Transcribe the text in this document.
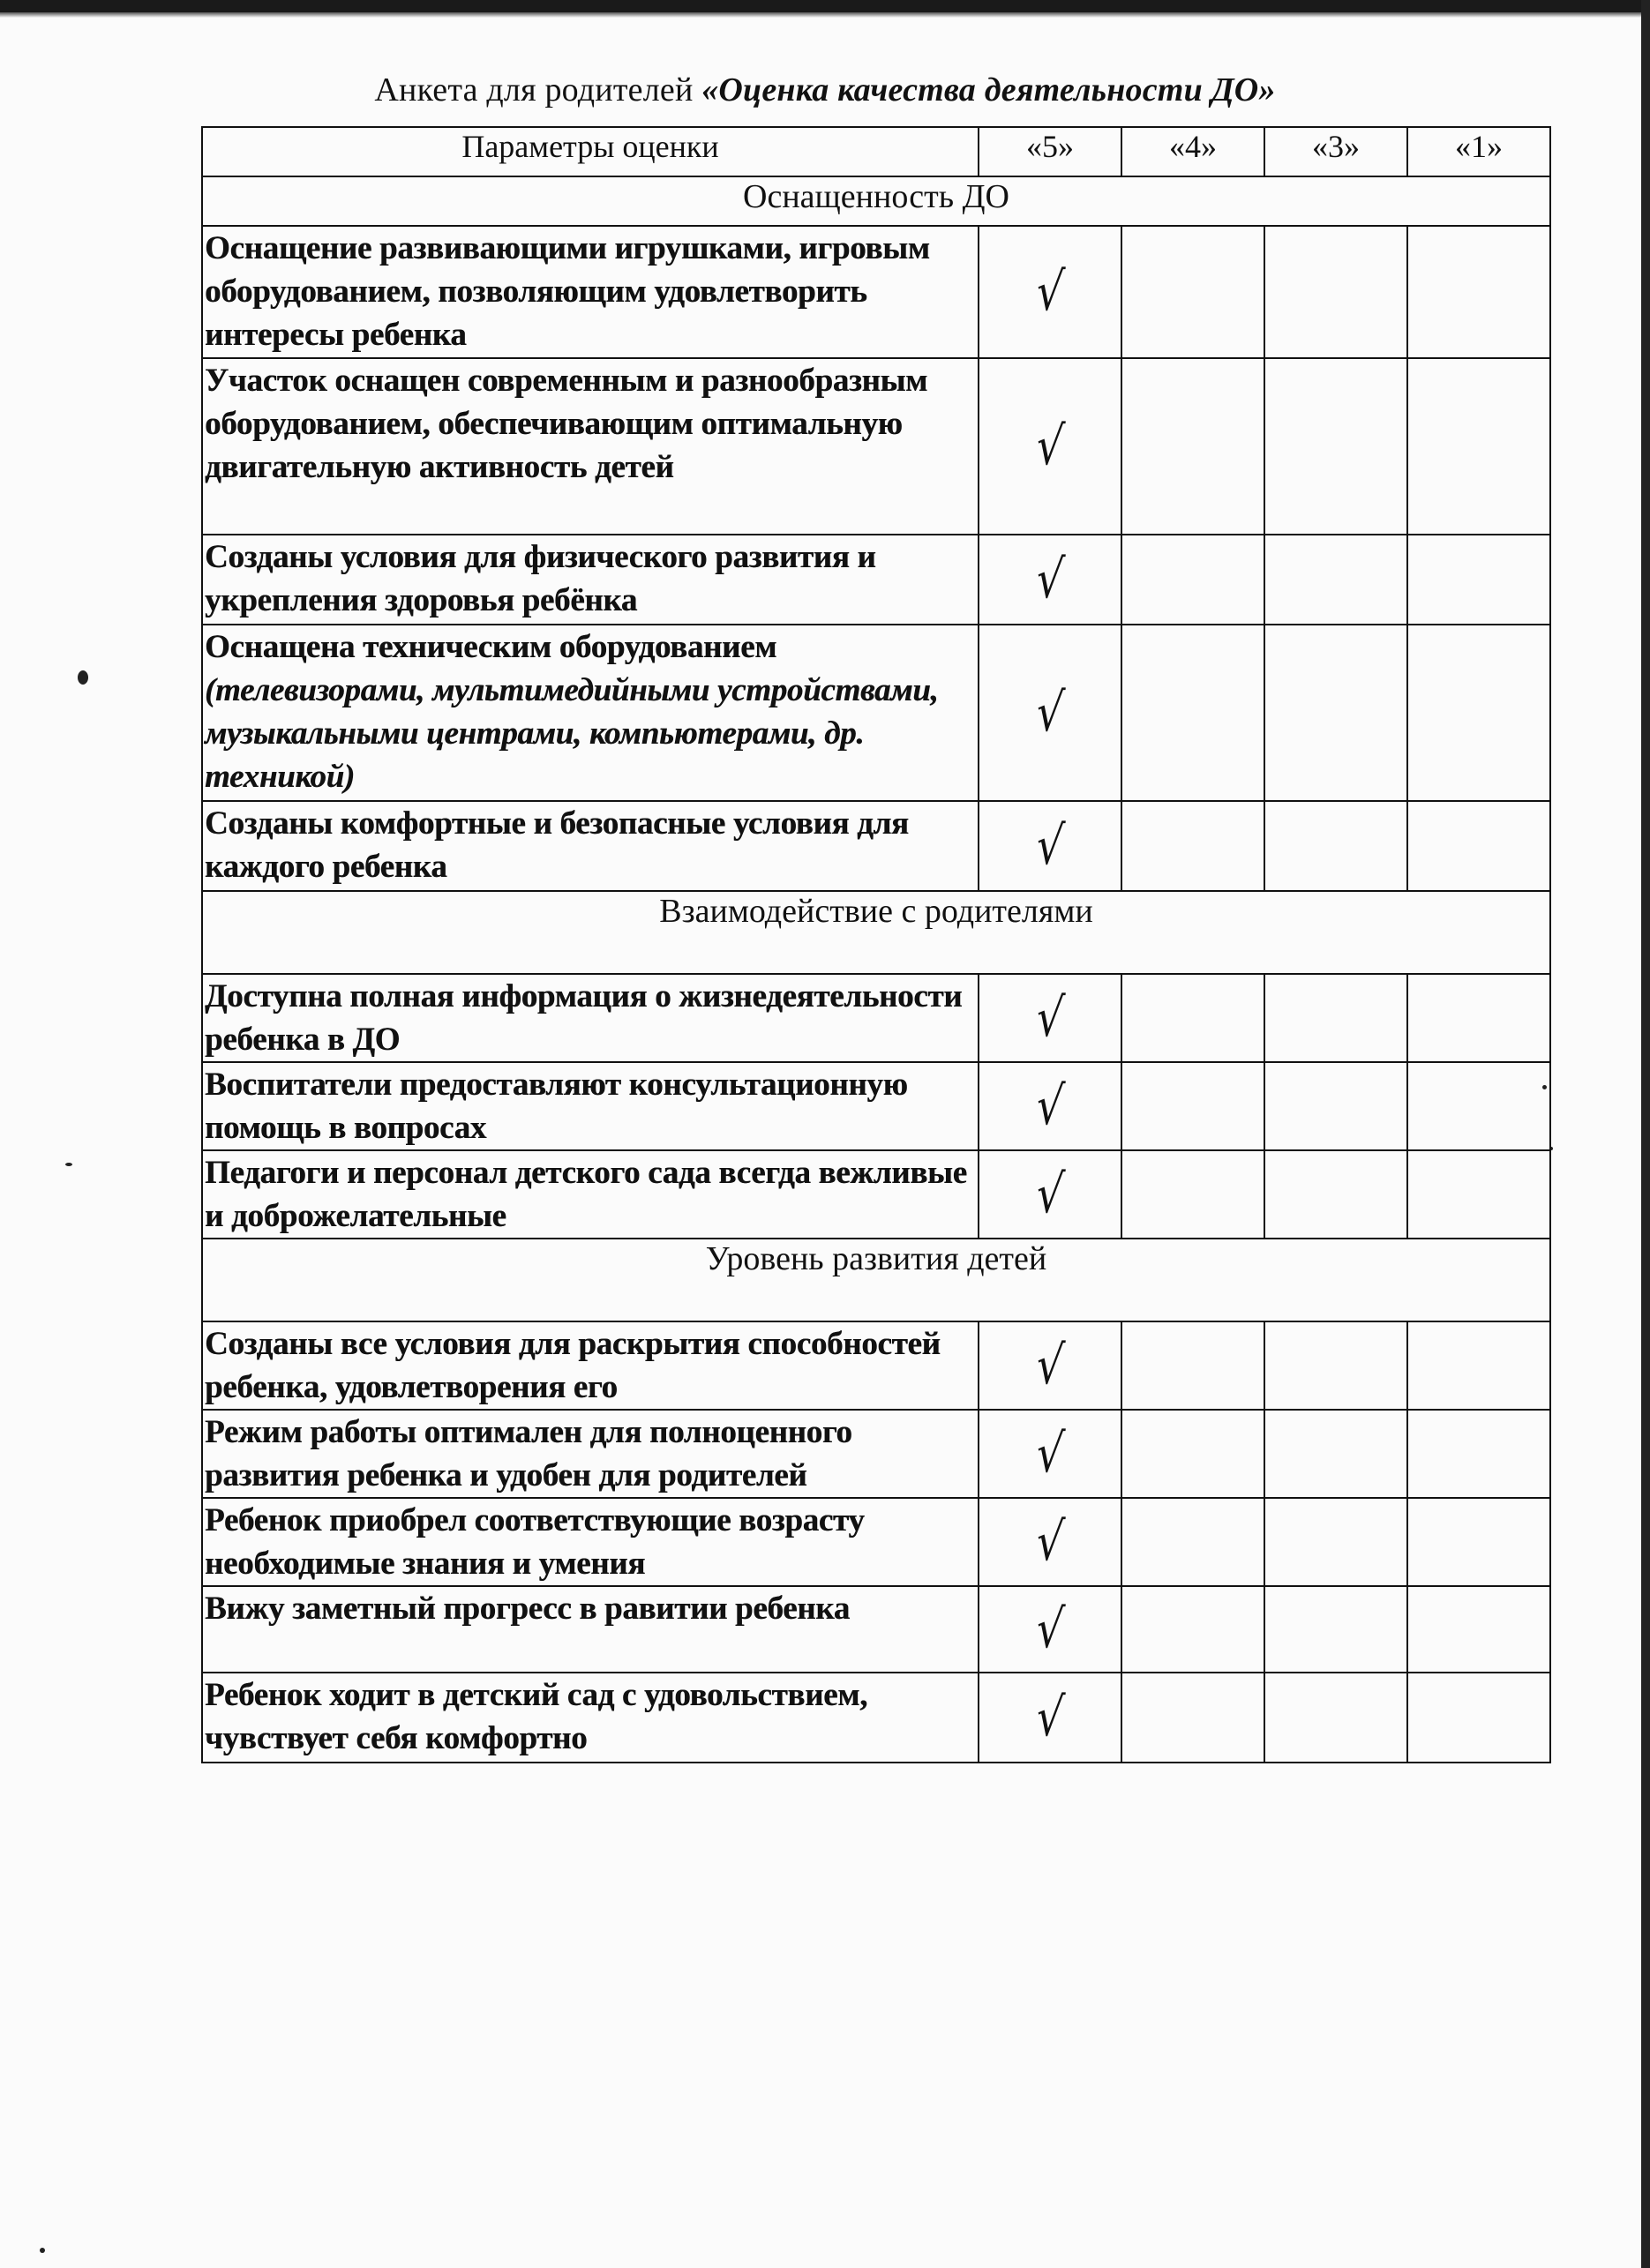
Анкета для родителей «Оценка качества деятельности ДО»
Параметры оценки	«5»	«4»	«3»	«1»
Оснащенность ДО				
Оснащение развивающими игрушками, игровым оборудованием, позволяющим удовлетворить интересы ребенка	√			
Участок оснащен современным и разнообразным оборудованием, обеспечивающим оптимальную двигательную активность детей	√			
Созданы условия для физического развития и укрепления здоровья ребёнка	√			
Оснащена техническим оборудованием (телевизорами, мультимедийными устройствами, музыкальными центрами, компьютерами, др. техникой)	√			
Созданы комфортные и безопасные условия для каждого ребенка	√			
Взаимодействие с родителями				
Доступна полная информация о жизнедеятельности ребенка в ДО	√			
Воспитатели предоставляют консультационную помощь в вопросах	√			
Педагоги и персонал детского сада всегда вежливые и доброжелательные	√			
Уровень развития детей				
Созданы все условия для раскрытия способностей ребенка, удовлетворения его	√			
Режим работы оптимален для полноценного развития ребенка и удобен для родителей	√			
Ребенок приобрел соответствующие возрасту необходимые знания и умения	√			
Вижу заметный прогресс в равитии ребенка	√			
Ребенок ходит в детский сад с удовольствием, чувствует себя комфортно	√			
